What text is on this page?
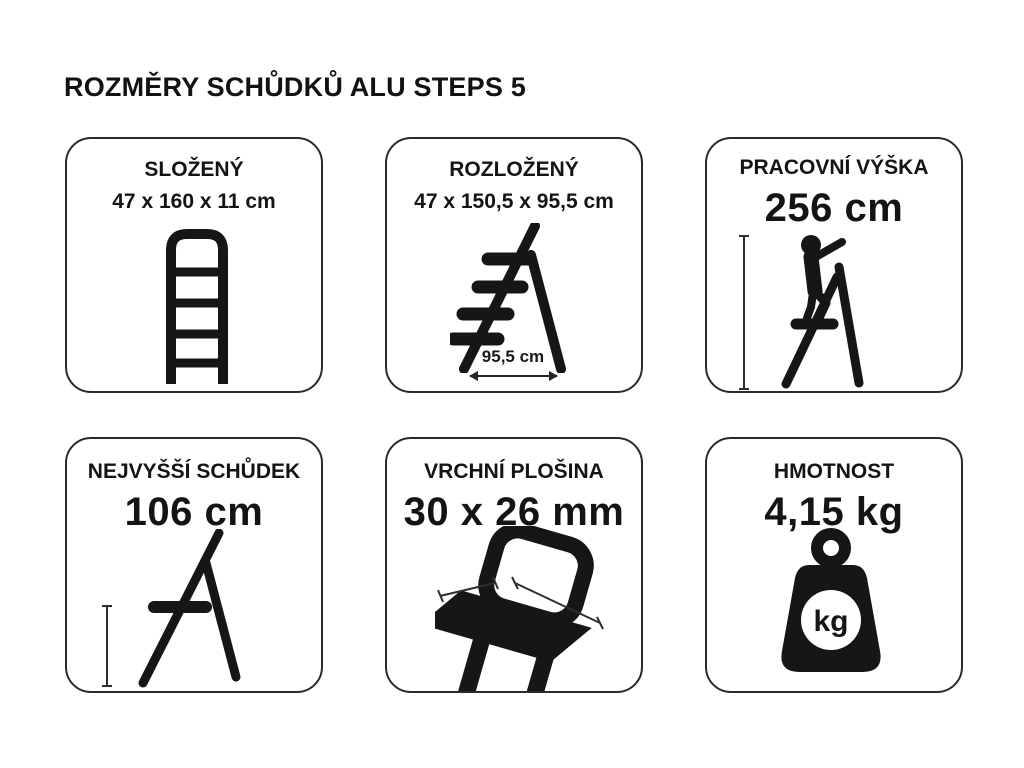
ROZMĚRY SCHŮDKŮ ALU STEPS 5
SLOŽENÝ
47 x 160 x 11 cm
ROZLOŽENÝ
47 x 150,5 x 95,5 cm
95,5 cm
PRACOVNÍ VÝŠKA
256 cm
NEJVYŠŠÍ SCHŮDEK
106 cm
VRCHNÍ PLOŠINA
30 x 26 mm
HMOTNOST
4,15 kg
kg
